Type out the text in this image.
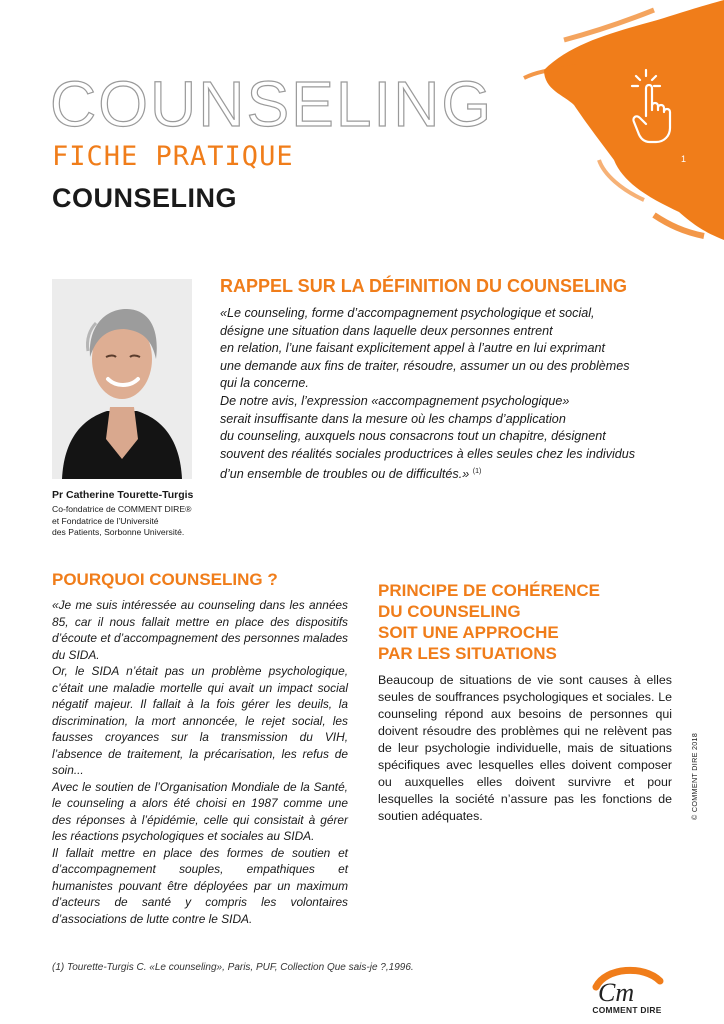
1
COUNSELING
FICHE PRATIQUE
COUNSELING
Pr Catherine Tourette-Turgis
Co-fondatrice de COMMENT DIRE®
et Fondatrice de l’Université
des Patients, Sorbonne Université.
RAPPEL SUR LA DÉFINITION DU COUNSELING

«Le counseling, forme d’accompagnement psychologique et social,

désigne une situation dans laquelle deux personnes entrent

en relation, l’une faisant explicitement appel à l’autre en lui exprimant

une demande aux fins de traiter, résoudre, assumer un ou des problèmes

qui la concerne.

De notre avis, l’expression «accompagnement psychologique»

serait insuffisante dans la mesure où les champs d’application

du counseling, auxquels nous consacrons tout un chapitre, désignent

souvent des réalités sociales productrices à elles seules chez les individus

d’un ensemble de troubles ou de difficultés.» $^{(1)}$

POURQUOI COUNSELING ?

«Je me suis intéressée au counseling dans les années 85, car il nous fallait mettre en place des dispositifs d’écoute et d’accompagnement des personnes malades du SIDA.

Or, le SIDA n’était pas un problème psychologique, c’était une maladie mortelle qui avait un impact social négatif majeur. Il fallait à la fois gérer les deuils, la discrimination, la mort annoncée, le rejet social, les fausses croyances sur la transmission du VIH, l’absence de traitement, la précarisation, les refus de soin...

Avec le soutien de l’Organisation Mondiale de la Santé, le counseling a alors été choisi en 1987 comme une des réponses à l’épidémie, celle qui consistait à gérer les réactions psychologiques et sociales au SIDA.

Il fallait mettre en place des formes de soutien et d’accompagnement souples, empathiques et humanistes pouvant être déployées par un maximum d’acteurs de santé y compris les volontaires d’associations de lutte contre le SIDA.

PRINCIPE DE COHÉRENCE
DU COUNSELING
SOIT UNE APPROCHE
PAR LES SITUATIONS

Beaucoup de situations de vie sont causes à elles seules de souffrances psychologiques et sociales. Le counseling répond aux besoins de personnes qui doivent résoudre des problèmes qui ne relèvent pas de leur psychologie individuelle, mais de situations spécifiques avec lesquelles elles doivent composer ou auxquelles elles doivent survivre et pour lesquelles la société n’assure pas les fonctions de soutien adéquates.	© COMMENT DIRE 2018
(1) Tourette-Turgis C. «Le counseling», Paris, PUF, Collection Que sais-je ?,1996.
Cm
COMMENT DIRE
